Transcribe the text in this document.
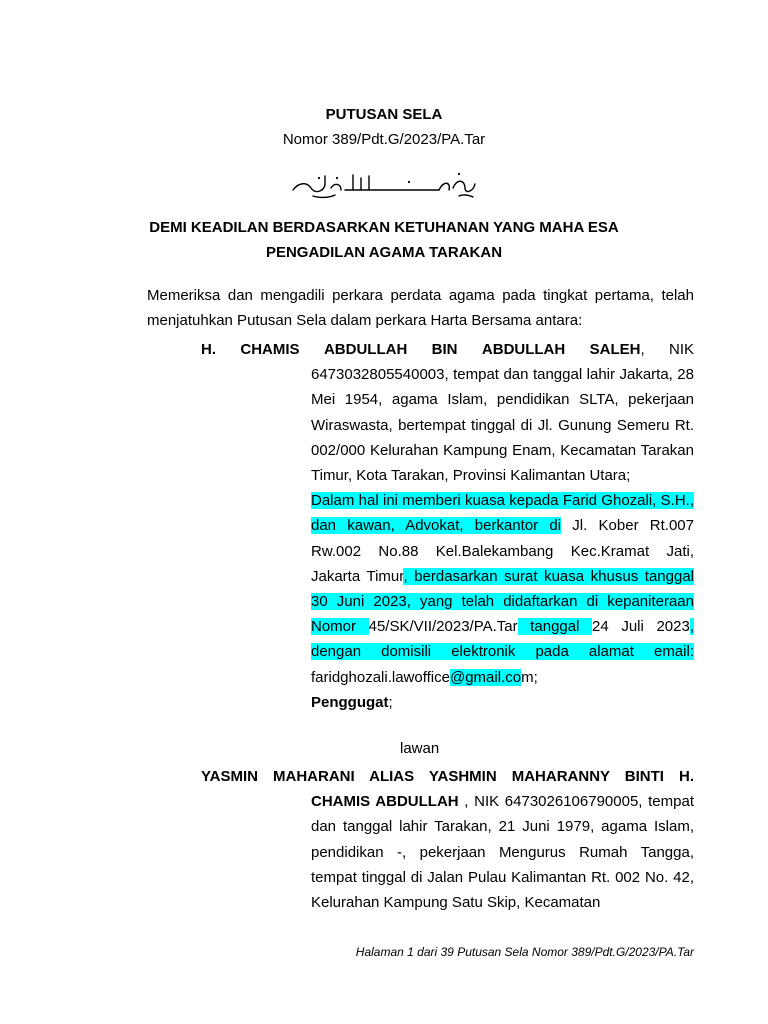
PUTUSAN SELA
Nomor 389/Pdt.G/2023/PA.Tar
DEMI KEADILAN BERDASARKAN KETUHANAN YANG MAHA ESA
PENGADILAN AGAMA TARAKAN

Memeriksa dan mengadili perkara perdata agama pada tingkat pertama, telah menjatuhkan Putusan Sela dalam perkara Harta Bersama antara:

H. CHAMIS ABDULLAH BIN ABDULLAH SALEH, NIK

6473032805540003, tempat dan tanggal lahir Jakarta, 28 Mei 1954, agama Islam, pendidikan SLTA, pekerjaan Wiraswasta, bertempat tinggal di Jl. Gunung Semeru Rt. 002/000 Kelurahan Kampung Enam, Kecamatan Tarakan Timur, Kota Tarakan, Provinsi Kalimantan Utara;

Dalam hal ini memberi kuasa kepada Farid Ghozali, S.H., dan kawan, Advokat, berkantor di Jl. Kober Rt.007 Rw.002 No.88 Kel.Balekambang Kec.Kramat Jati, Jakarta Timur, berdasarkan surat kuasa khusus tanggal 30 Juni 2023, yang telah didaftarkan di kepaniteraan Nomor 45/SK/VII/2023/PA.Tar tanggal 24 Juli 2023, dengan domisili elektronik pada alamat email: faridghozali.lawoffice@gmail.com;

Penggugat;

lawan
YASMIN MAHARANI ALIAS YASHMIN MAHARANNY BINTI H.

CHAMIS ABDULLAH , NIK 6473026106790005, tempat dan tanggal lahir Tarakan, 21 Juni 1979, agama Islam, pendidikan -, pekerjaan Mengurus Rumah Tangga, tempat tinggal di Jalan Pulau Kalimantan Rt. 002 No. 42, Kelurahan Kampung Satu Skip, Kecamatan

Halaman 1 dari 39 Putusan Sela Nomor 389/Pdt.G/2023/PA.Tar
